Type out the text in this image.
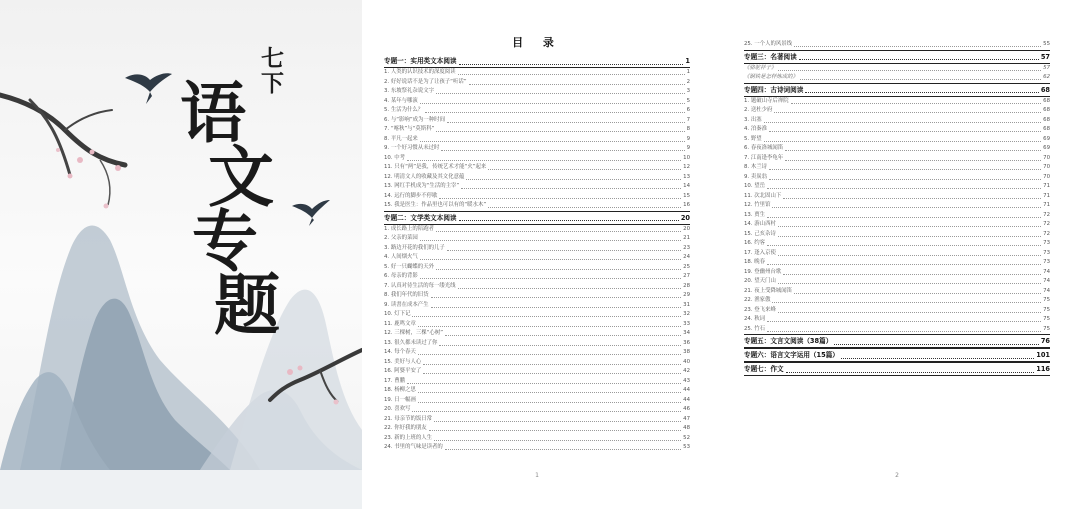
七下
语
文
专
题
目 录
专题一：实用类文本阅读	1
1. 人类的认识技术的深度阅读	1
2. 好好说话不是为了让孩子“听话”	2
3. 东坡祭礼杂说文字	3
4. 某年与哪演	5
5. 生活为什么？	6
6. 与“影响”成为一种时间	7
7. “喀秋”与“莫斯科”	8
8. 平凡一起来	9
9. 一个好习惯从未过时	9
10. 中考	10
11. 只有“两”是我，传统艺术才能“火”起来	12
12. 明清文人的收藏及其文化意蕴	13
13. 网红手机成为“生活的主宰”	14
14. 远行的脚步不停歇	15
15. 我是医生：作品里也可以有的“暖水木”	16
专题二：文学类文本阅读	20
1. 成长路上的陪跑者	20
2. 父亲的菜园	21
3. 路边开花的我们的儿子	23
4. 人间烟火气	24
5. 好一只蝴蝶的天外	25
6. 母亲的背影	27
7. 认真对待生活的每一缕光线	28
8. 我们年代的旧货	29
9. 读書在成本产生	31
10. 灯下记	32
11. 鹿鸣文章	33
12. 三棵树，三棵“心树”	34
13. 很久都未读过了你	36
14. 每个春天	38
15. 美好与人心	40
16. 阿婆平安了	42
17. 曹鹏	43
18. 杨柳之思	44
19. 日一幅画	44
20. 喜欢写	46
21. 母亲节的饭日常	47
22. 你好我的朋友	48
23. 新的上班的人生	52
24. 书里的气味是读者的	53
1
25. 一个人的风景线	55
专题三：名著阅读	57
《骆驼祥子》	57
《钢铁是怎样炼成的》	62
专题四：古诗词阅读	68
1. 题破山寺后禅院	68
2. 送杜少府	68
3. 出塞	68
4. 泊秦淮	68
5. 野望	69
6. 春夜洛城闻笛	69
7. 江南逢李龟年	70
8. 木兰诗	70
9. 卖炭翁	70
10. 望岳	71
11. 次北固山下	71
12. 竹里馆	71
13. 贾生	72
14. 游山西村	72
15. 己亥杂诗	72
16. 约客	73
17. 逢入京使	73
18. 晚春	73
19. 登幽州台歌	74
20. 望天门山	74
21. 夜上受降城闻笛	74
22. 渔家傲	75
23. 登飞来峰	75
24. 秋词	75
25. 竹石	75
专题五：文言文阅读（38篇）	76
专题六：语言文字运用（15篇）	101
专题七：作文	116
2
